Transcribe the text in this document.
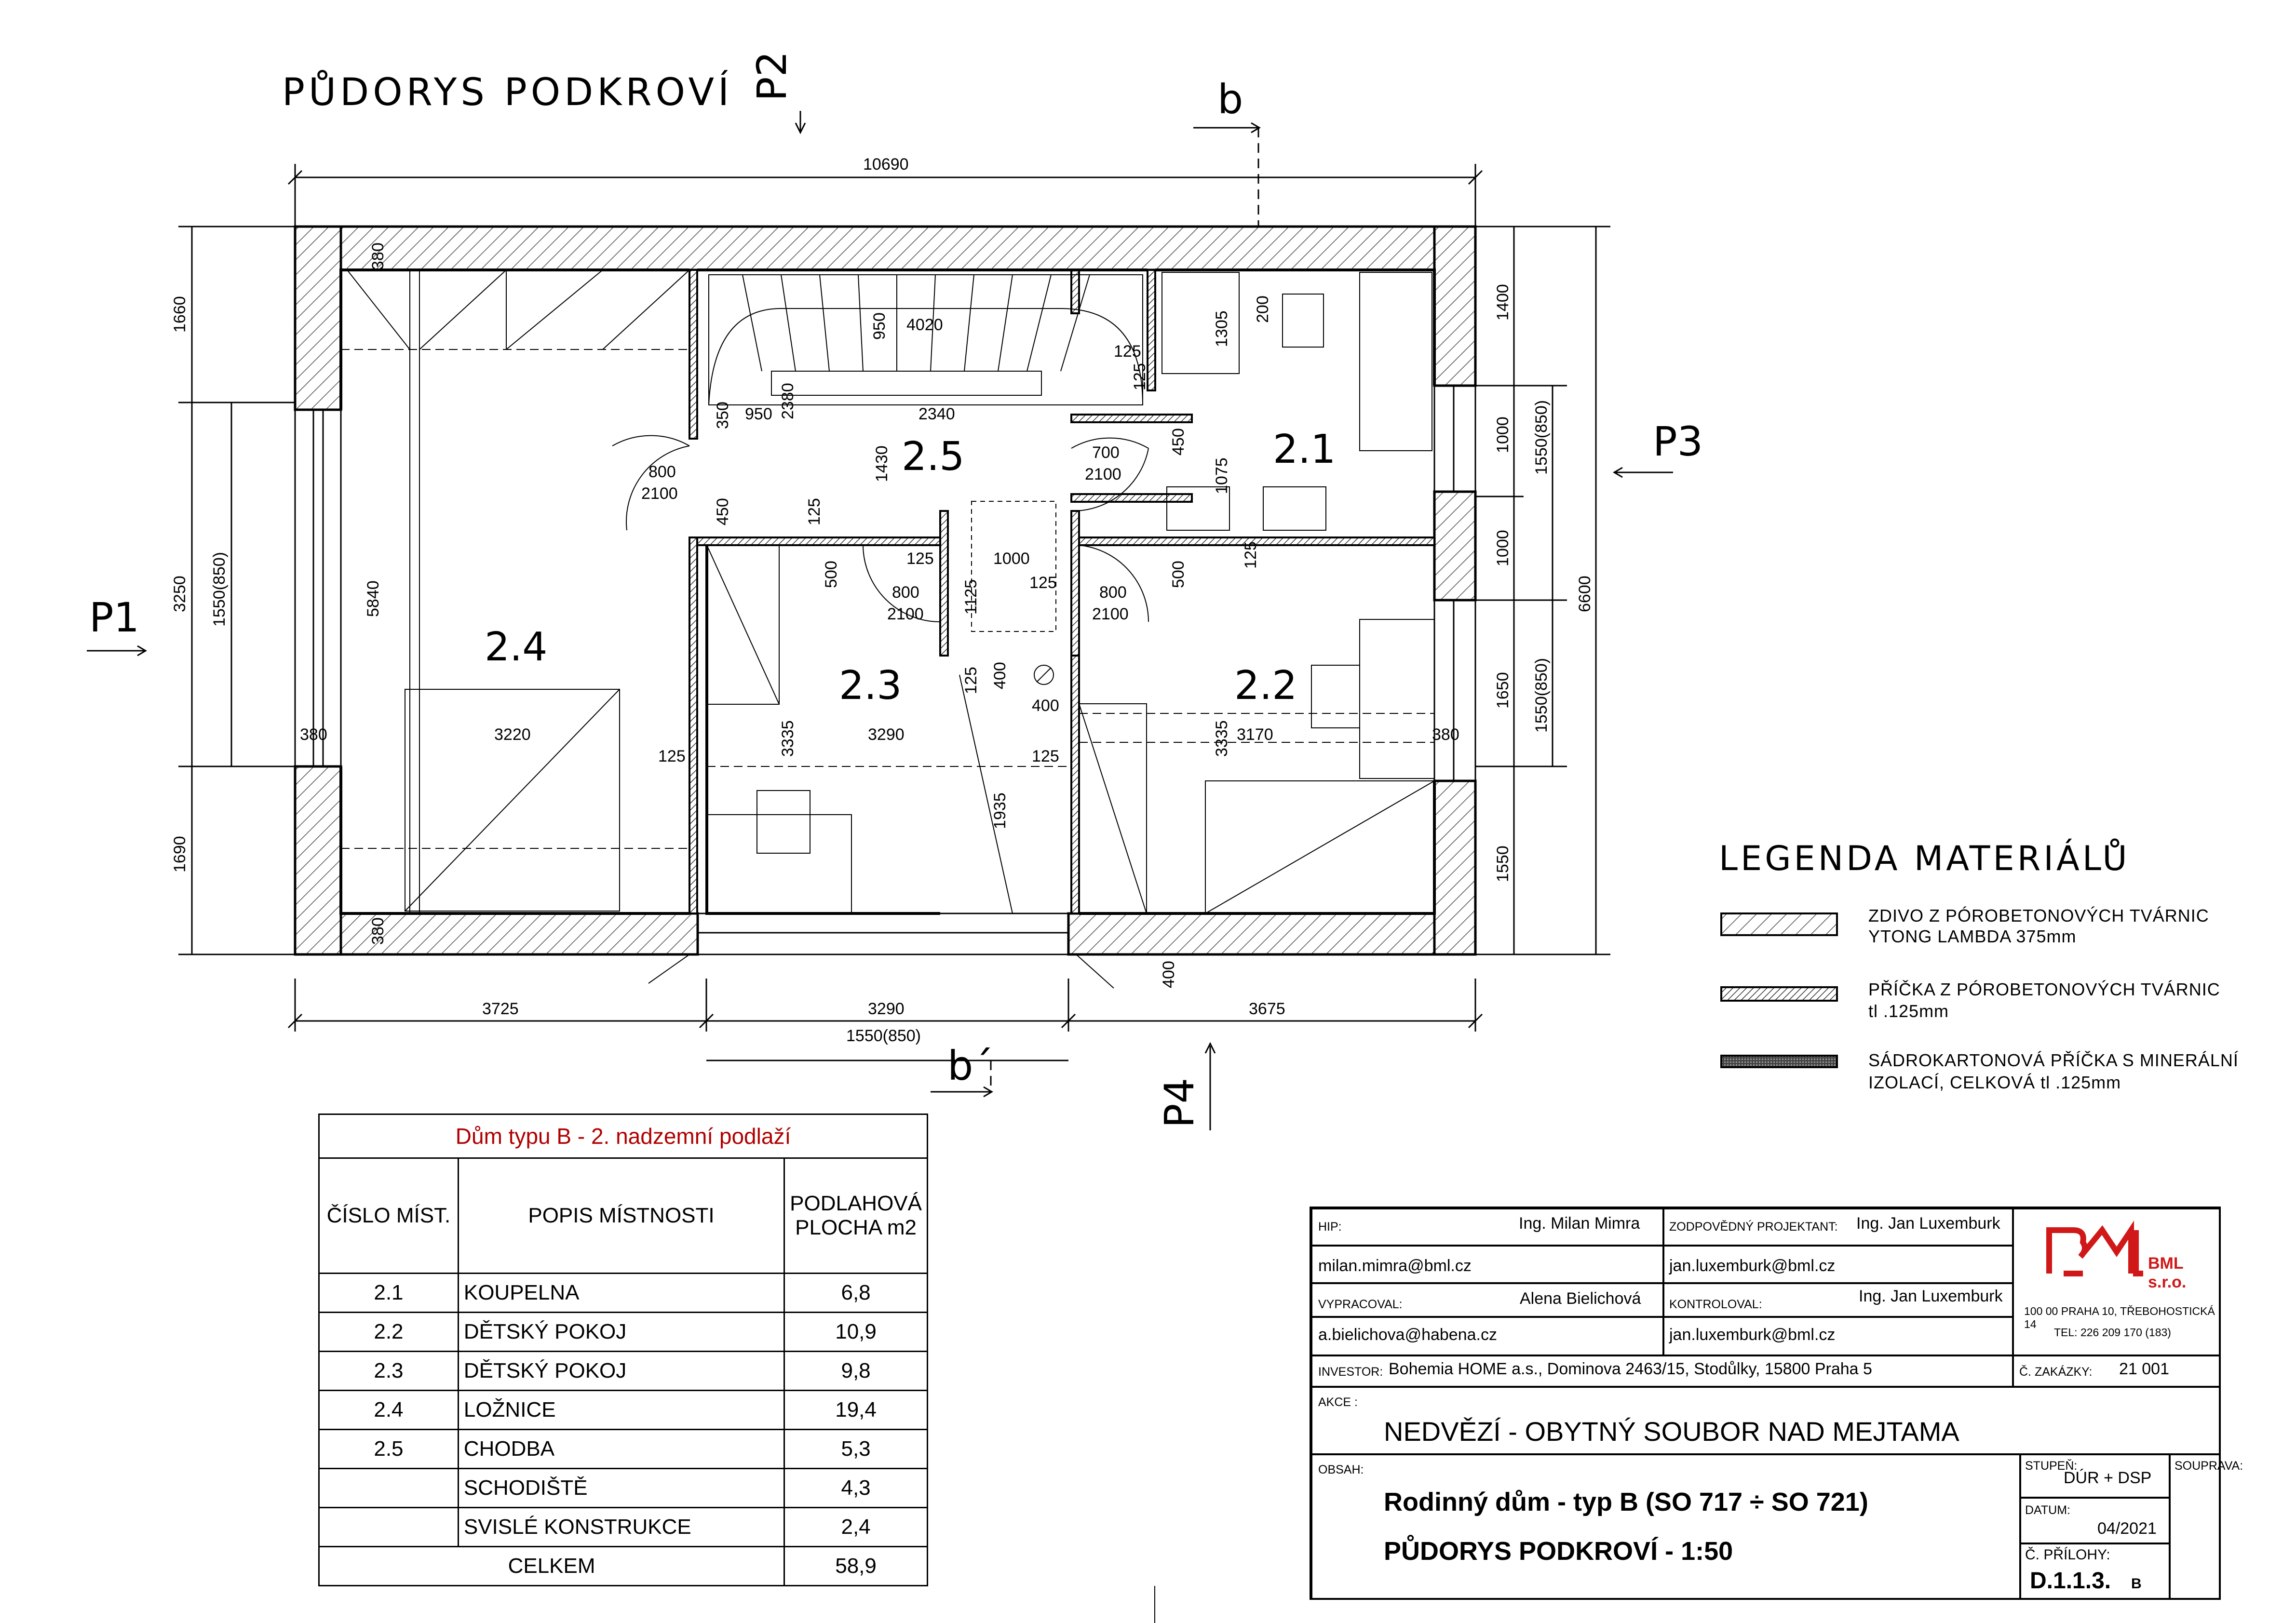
PŮDORYS PODKROVÍ
10690
3725	3290	3675
1550(850)
1660
3250 1550(850)
1690
1400
1000 1550(850)
1000
1650 1550(850)
1550
6600
P2	b
P3
P1
P4
b´
2.4
2.3	2.2
2.5	2.1
380
380
380
380
5840
3220	3335	3290	3335 3170
950 4020
125
125
1305
200
350 950 2380	2340
1430
800
2100
450	125
700
2100
450
1075
500
125	1000
1125	125
800
2100
800
2100
500
125
125 400
400
1935
125	125
400
LEGENDA MATERIÁLŮ
ZDIVO Z PÓROBETONOVÝCH TVÁRNIC
YTONG LAMBDA 375mm
PŘÍČKA Z PÓROBETONOVÝCH TVÁRNIC
tl .125mm
SÁDROKARTONOVÁ PŘÍČKA S MINERÁLNÍ
IZOLACÍ, CELKOVÁ tl .125mm
Dům typu B - 2. nadzemní podlaží		
ČÍSLO MÍST.	POPIS MÍSTNOSTI	PODLAHOVÁ
PLOCHA m2
2.1	KOUPELNA	6,8
2.2	DĚTSKÝ POKOJ	10,9
2.3	DĚTSKÝ POKOJ	9,8
2.4	LOŽNICE	19,4
2.5	CHODBA	5,3
	SCHODIŠTĚ	4,3
	SVISLÉ KONSTRUKCE	2,4
CELKEM		58,9
HIP:	Ing. Milan Mimra
milan.mimra@bml.cz
ZODPOVĚDNÝ PROJEKTANT: Ing. Jan Luxemburk
jan.luxemburk@bml.cz
VYPRACOVAL:	Alena Bielichová
a.bielichova@habena.cz
KONTROLOVAL:	Ing. Jan Luxemburk
jan.luxemburk@bml.cz
BML s.r.o.
100 00 PRAHA 10, TŘEBOHOSTICKÁ 14
TEL: 226 209 170 (183)
INVESTOR: Bohemia HOME a.s., Dominova 2463/15, Stodůlky, 15800 Praha 5	Č. ZAKÁZKY: 21 001
AKCE :
NEDVĚZÍ - OBYTNÝ SOUBOR NAD MEJTAMA
OBSAH:
Rodinný dům - typ B (SO 717 ÷ SO 721)
PŮDORYS PODKROVÍ - 1:50
STUPEŇ:
DÚR + DSP
SOUPRAVA:
DATUM:
04/2021
Č. PŘÍLOHY:
D.1.1.3. B
